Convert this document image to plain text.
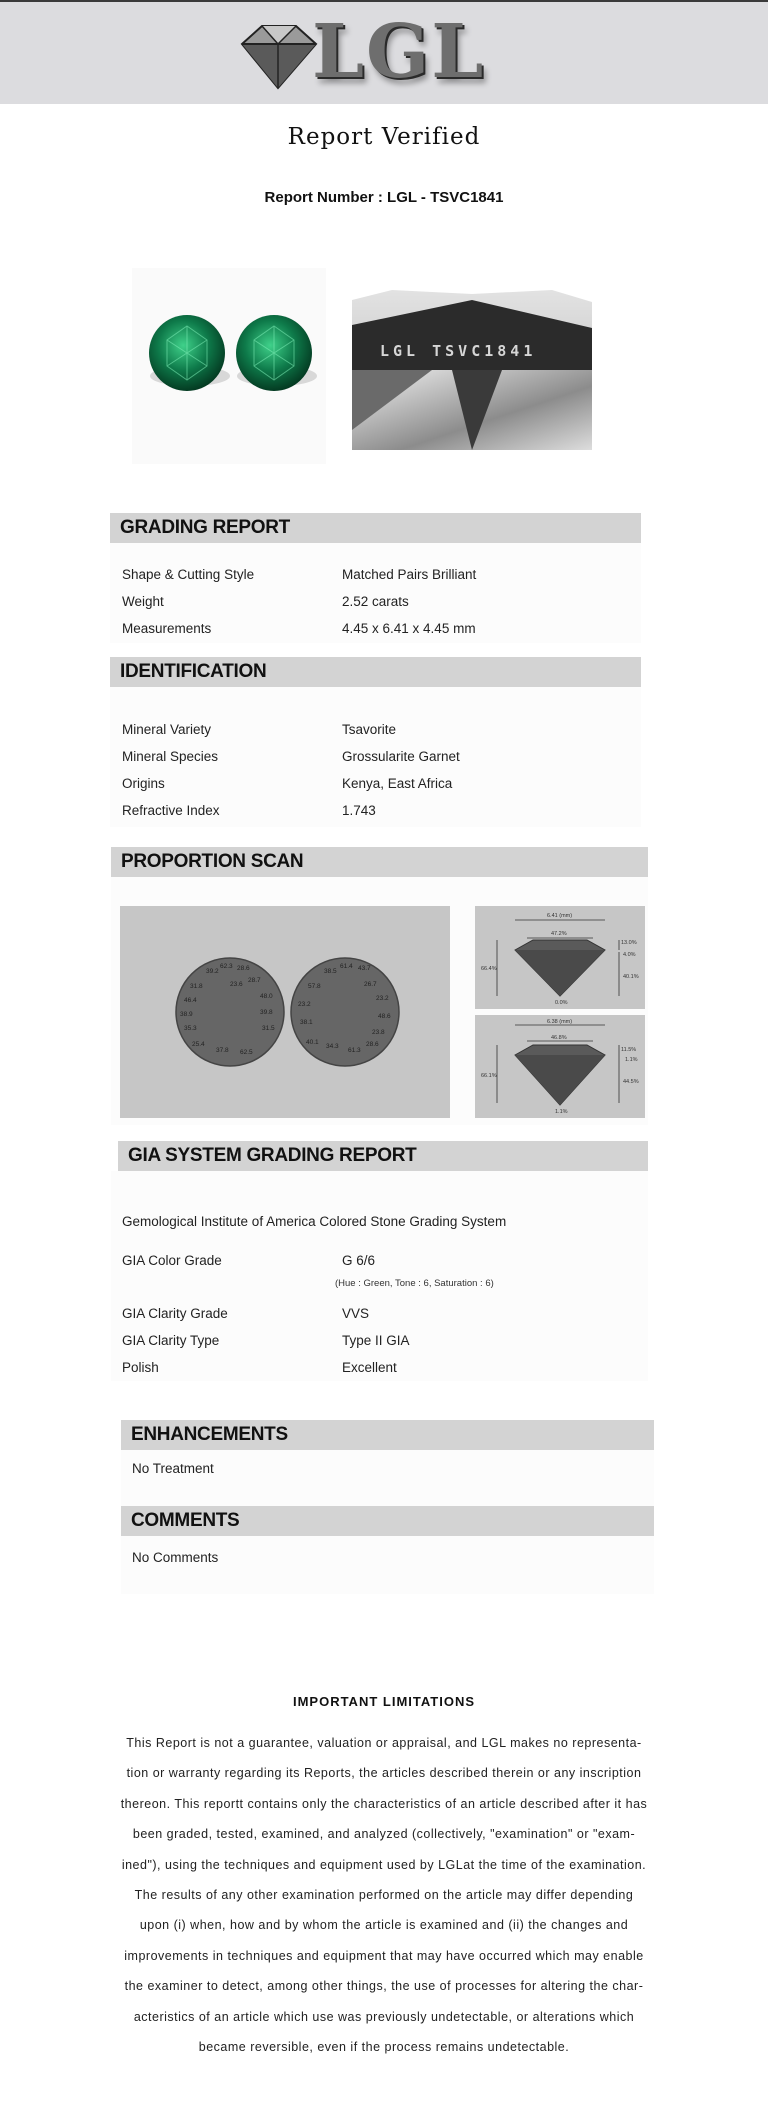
LGL
Report Verified
Report Number : LGL - TSVC1841
LGL TSVC1841
GRADING REPORT
Shape & Cutting Style	Matched Pairs Brilliant
Weight	2.52 carats
Measurements	4.45 x 6.41 x 4.45 mm
IDENTIFICATION
Mineral Variety	Tsavorite
Mineral Species	Grossularite Garnet
Origins	Kenya, East Africa
Refractive Index	1.743
PROPORTION SCAN
39.2
62.3 28.6
31.8	23.6
28.7
46.4
48.0
38.9	39.8
35.3	31.5
25.4
37.8 62.5
38.5
61.4 43.7
57.8	26.7
23.2
23.2
48.6
38.1
23.8
40.1
34.3
61.3
28.6
6.41 (mm)
47.2%
66.4%
13.0%
4.0%
40.1%
0.0%
6.38 (mm)
46.8%
66.1%
11.5%
1.1%
44.5%
1.1%
GIA SYSTEM GRADING REPORT
Gemological Institute of America Colored Stone Grading System
GIA Color Grade	G 6/6
(Hue : Green, Tone : 6, Saturation : 6)
GIA Clarity Grade	VVS
GIA Clarity Type	Type II GIA
Polish	Excellent
ENHANCEMENTS
No Treatment
COMMENTS
No Comments
IMPORTANT LIMITATIONS
This Report is not a guarantee, valuation or appraisal, and LGL makes no representa-tion or warranty regarding its Reports, the articles described therein or any inscription thereon. This reportt contains only the characteristics of an article described after it has been graded, tested, examined, and analyzed (collectively, "examination" or "exam-ined"), using the techniques and equipment used by LGLat the time of the examination. The results of any other examination performed on the article may differ depending upon (i) when, how and by whom the article is examined and (ii) the changes and improvements in techniques and equipment that may have occurred which may enable the examiner to detect, among other things, the use of processes for altering the char-acteristics of an article which use was previously undetectable, or alterations which became reversible, even if the process remains undetectable.
